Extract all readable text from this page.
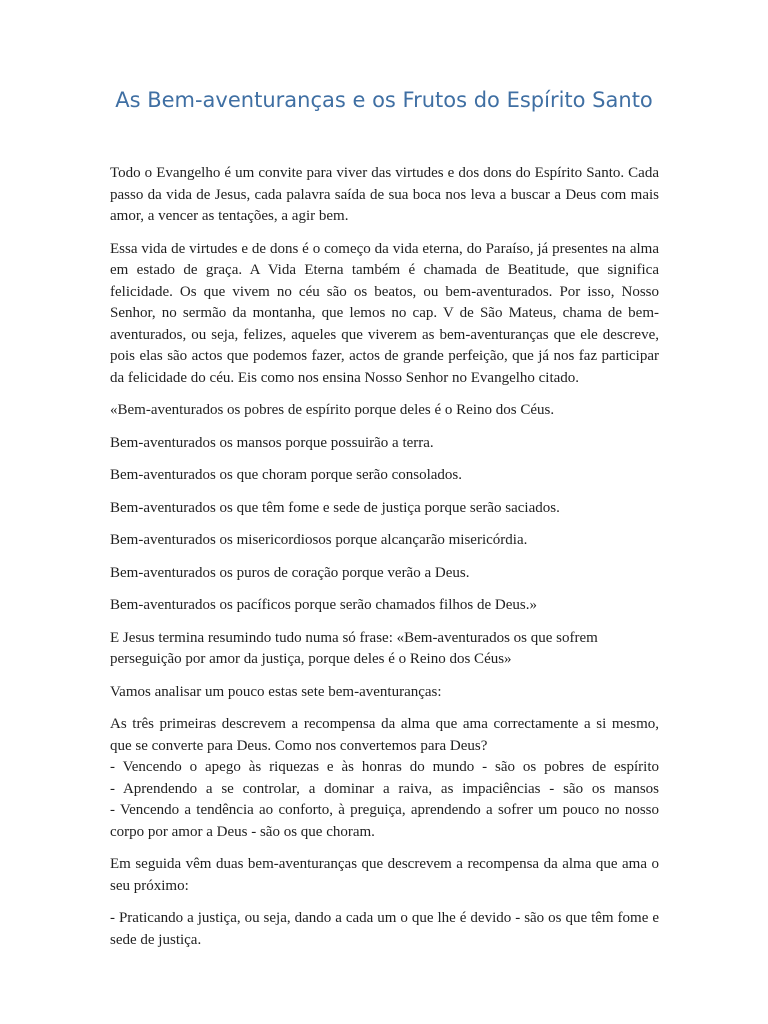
As Bem-aventuranças e os Frutos do Espírito Santo

Todo o Evangelho é um convite para viver das virtudes e dos dons do Espírito Santo. Cada passo da vida de Jesus, cada palavra saída de sua boca nos leva a buscar a Deus com mais amor, a vencer as tentações, a agir bem.

Essa vida de virtudes e de dons é o começo da vida eterna, do Paraíso, já presentes na alma em estado de graça. A Vida Eterna também é chamada de Beatitude, que significa felicidade. Os que vivem no céu são os beatos, ou bem-aventurados. Por isso, Nosso Senhor, no sermão da montanha, que lemos no cap. V de São Mateus, chama de bem-aventurados, ou seja, felizes, aqueles que viverem as bem-aventuranças que ele descreve, pois elas são actos que podemos fazer, actos de grande perfeição, que já nos faz participar da felicidade do céu. Eis como nos ensina Nosso Senhor no Evangelho citado.

«Bem-aventurados os pobres de espírito porque deles é o Reino dos Céus.

Bem-aventurados os mansos porque possuirão a terra.

Bem-aventurados os que choram porque serão consolados.

Bem-aventurados os que têm fome e sede de justiça porque serão saciados.

Bem-aventurados os misericordiosos porque alcançarão misericórdia.

Bem-aventurados os puros de coração porque verão a Deus.

Bem-aventurados os pacíficos porque serão chamados filhos de Deus.»

E Jesus termina resumindo tudo numa só frase: «Bem-aventurados os que sofrem perseguição por amor da justiça, porque deles é o Reino dos Céus»

Vamos analisar um pouco estas sete bem-aventuranças:

As três primeiras descrevem a recompensa da alma que ama correctamente a si mesmo, que se converte para Deus. Como nos convertemos para Deus?

- Vencendo o apego às riquezas e às honras do mundo - são os pobres de espírito
- Aprendendo a se controlar, a dominar a raiva, as impaciências - são os mansos
- Vencendo a tendência ao conforto, à preguiça, aprendendo a sofrer um pouco no nosso corpo por amor a Deus - são os que choram.

Em seguida vêm duas bem-aventuranças que descrevem a recompensa da alma que ama o seu próximo:

- Praticando a justiça, ou seja, dando a cada um o que lhe é devido - são os que têm fome e sede de justiça.
